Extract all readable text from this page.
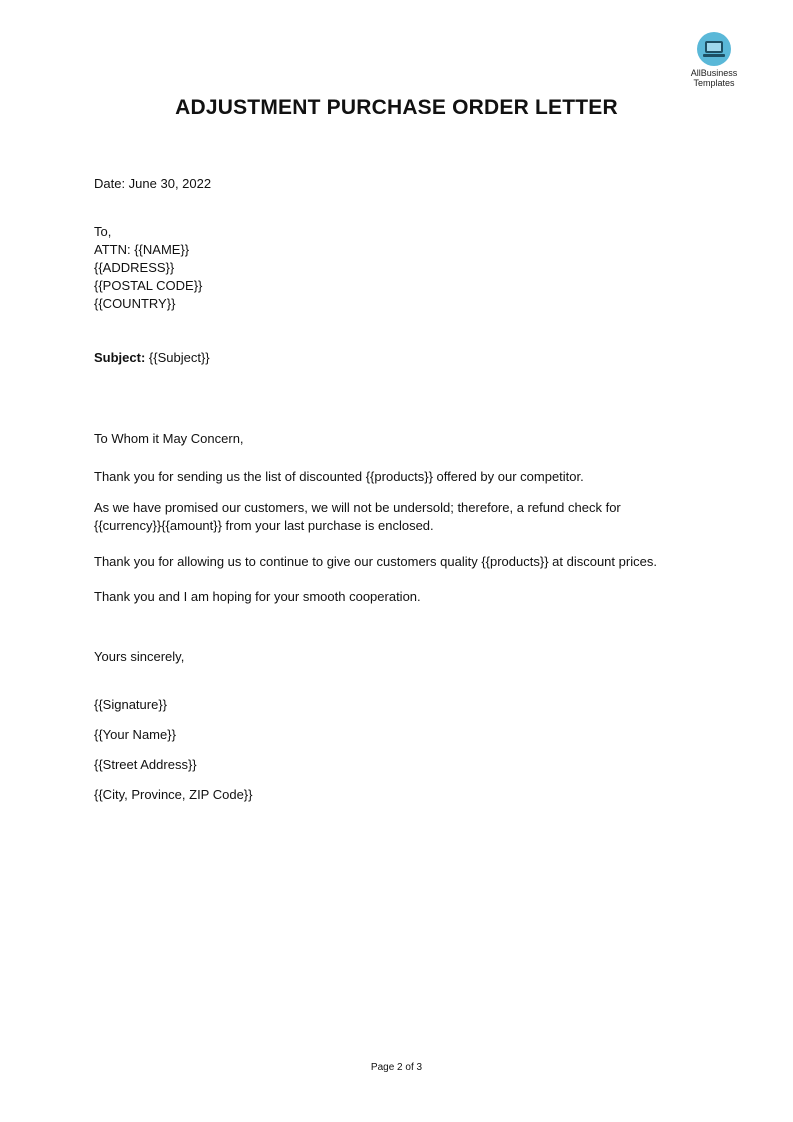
AllBusiness
Templates
ADJUSTMENT PURCHASE ORDER LETTER
Date: June 30, 2022
To,
ATTN: {{NAME}}
{{ADDRESS}}
{{POSTAL CODE}}
{{COUNTRY}}
Subject: {{Subject}}
To Whom it May Concern,
Thank you for sending us the list of discounted {{products}} offered by our competitor.
As we have promised our customers, we will not be undersold; therefore, a refund check for
{{currency}}{{amount}} from your last purchase is enclosed.
Thank you for allowing us to continue to give our customers quality {{products}} at discount prices.
Thank you and I am hoping for your smooth cooperation.
Yours sincerely,
{{Signature}}
{{Your Name}}
{{Street Address}}
{{City, Province, ZIP Code}}
Page 2 of 3
